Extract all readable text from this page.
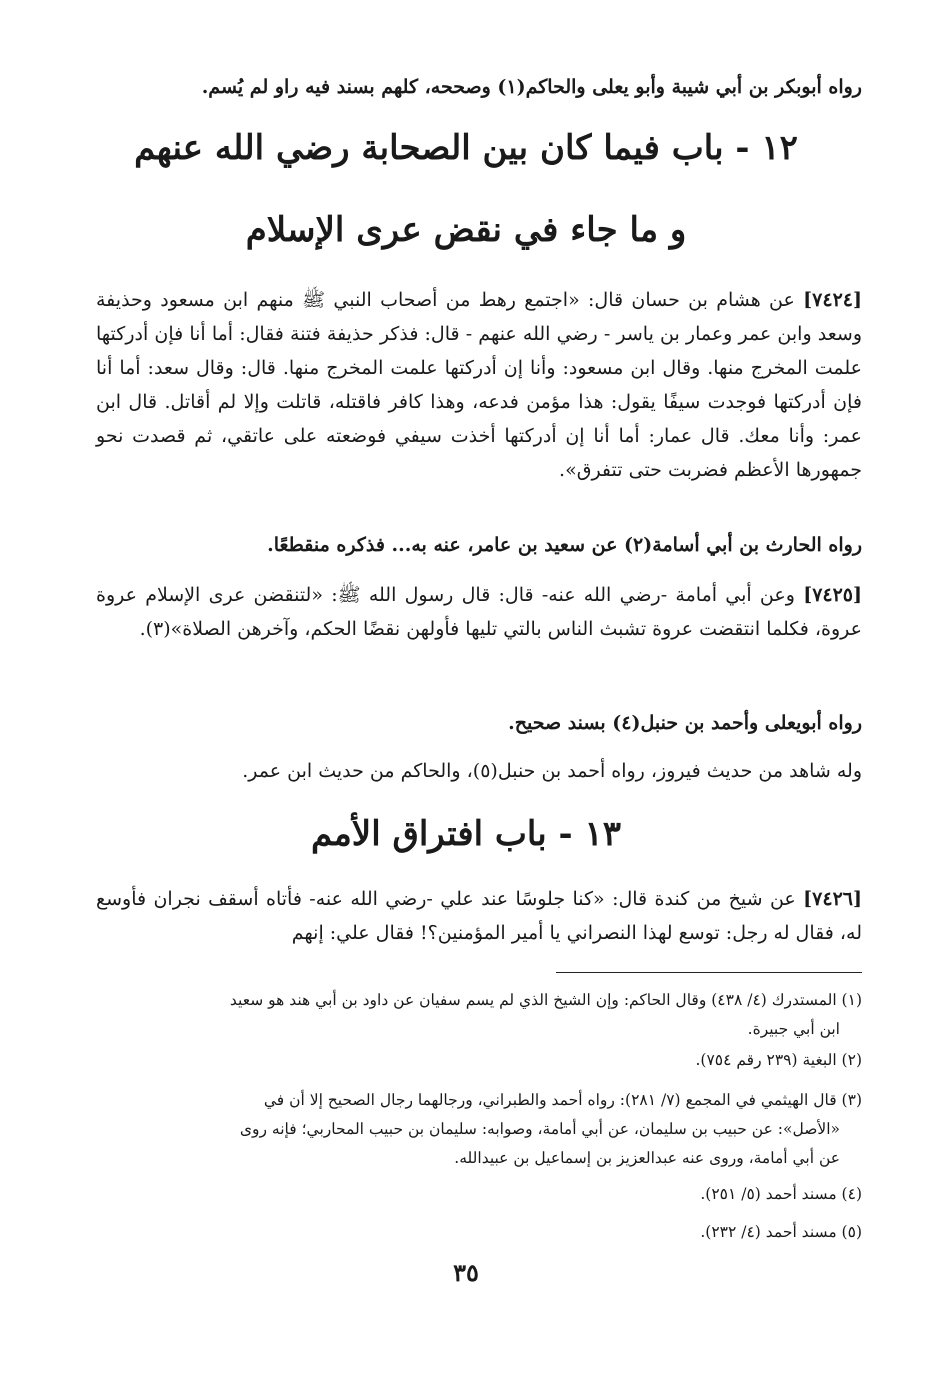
رواه أبوبكر بن أبي شيبة وأبو يعلى والحاكم(١) وصححه، كلهم بسند فيه راو لم يُسم.
١٢ - باب فيما كان بين الصحابة رضي الله عنهم
و ما جاء في نقض عرى الإسلام
[٧٤٢٤] عن هشام بن حسان قال: «اجتمع رهط من أصحاب النبي ﷺ منهم ابن مسعود وحذيفة وسعد وابن عمر وعمار بن ياسر - رضي الله عنهم - قال: فذكر حذيفة فتنة فقال: أما أنا فإن أدركتها علمت المخرج منها. وقال ابن مسعود: وأنا إن أدركتها علمت المخرج منها. قال: وقال سعد: أما أنا فإن أدركتها فوجدت سيفًا يقول: هذا مؤمن فدعه، وهذا كافر فاقتله، قاتلت وإلا لم أقاتل. قال ابن عمر: وأنا معك. قال عمار: أما أنا إن أدركتها أخذت سيفي فوضعته على عاتقي، ثم قصدت نحو جمهورها الأعظم فضربت حتى تتفرق».
رواه الحارث بن أبي أسامة(٢) عن سعيد بن عامر، عنه به... فذكره منقطعًا.
[٧٤٢٥] وعن أبي أمامة -رضي الله عنه- قال: قال رسول الله ﷺ: «لتنقضن عرى الإسلام عروة عروة، فكلما انتقضت عروة تشبث الناس بالتي تليها فأولهن نقضًا الحكم، وآخرهن الصلاة»(٣).
رواه أبويعلى وأحمد بن حنبل(٤) بسند صحيح.
وله شاهد من حديث فيروز، رواه أحمد بن حنبل(٥)، والحاكم من حديث ابن عمر.
١٣ - باب افتراق الأمم
[٧٤٢٦] عن شيخ من كندة قال: «كنا جلوسًا عند علي -رضي الله عنه- فأتاه أسقف نجران فأوسع له، فقال له رجل: توسع لهذا النصراني يا أمير المؤمنين؟! فقال علي: إنهم
(١) المستدرك (٤/ ٤٣٨) وقال الحاكم: وإن الشيخ الذي لم يسم سفيان عن داود بن أبي هند هو سعيد
ابن أبي جبيرة.
(٢) البغية (٢٣٩ رقم ٧٥٤).
(٣) قال الهيثمي في المجمع (٧/ ٢٨١): رواه أحمد والطبراني، ورجالهما رجال الصحيح إلا أن في
«الأصل»: عن حبيب بن سليمان، عن أبي أمامة، وصوابه: سليمان بن حبيب المحاربي؛ فإنه روى
عن أبي أمامة، وروى عنه عبدالعزيز بن إسماعيل بن عبيدالله.
(٤) مسند أحمد (٥/ ٢٥١).
(٥) مسند أحمد (٤/ ٢٣٢).
٣٥
